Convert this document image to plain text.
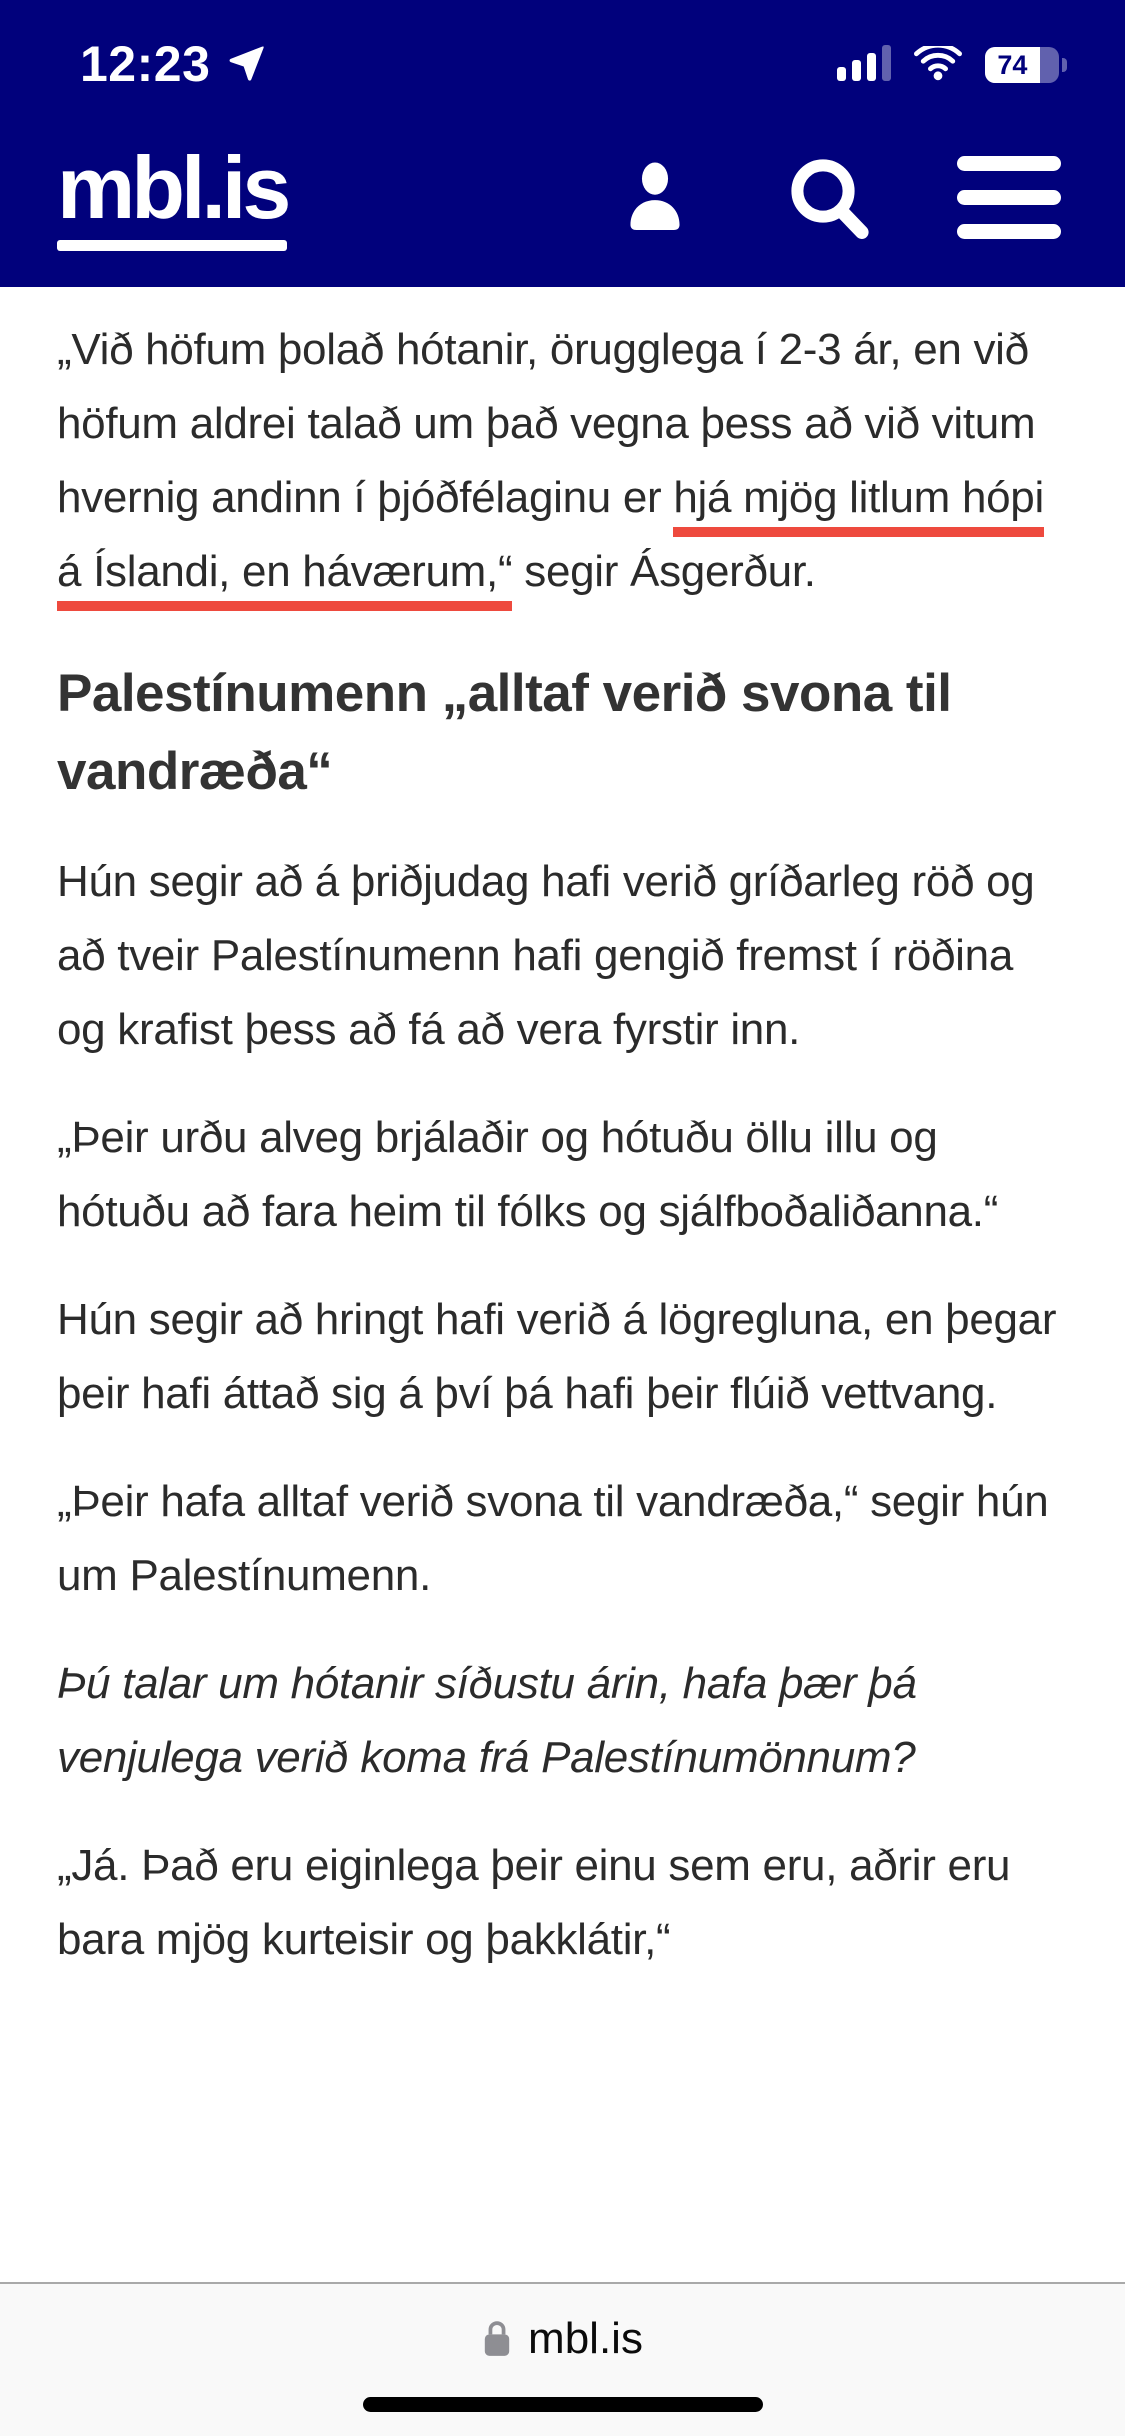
12:23	74
mbl.is

„Við höfum þolað hótanir, örugglega í 2-3 ár, en við höfum aldrei talað um það vegna þess að við vitum hvernig andinn í þjóðfélaginu er hjá mjög litlum hópi á Íslandi, en háværum,“ segir Ásgerður.

Palestínumenn „alltaf verið svona til vandræða“

Hún segir að á þriðjudag hafi verið gríðarleg röð og að tveir Palestínumenn hafi gengið fremst í röðina og krafist þess að fá að vera fyrstir inn.

„Þeir urðu alveg brjálaðir og hótuðu öllu illu og hótuðu að fara heim til fólks og sjálfboðaliðanna.“

Hún segir að hringt hafi verið á lögregluna, en þegar þeir hafi áttað sig á því þá hafi þeir flúið vettvang.

„Þeir hafa alltaf verið svona til vandræða,“ segir hún um Palestínumenn.

Þú talar um hótanir síðustu árin, hafa þær þá venjulega verið koma frá Palestínumönnum?

„Já. Það eru eiginlega þeir einu sem eru, aðrir eru bara mjög kurteisir og þakklátir,“

mbl.is
